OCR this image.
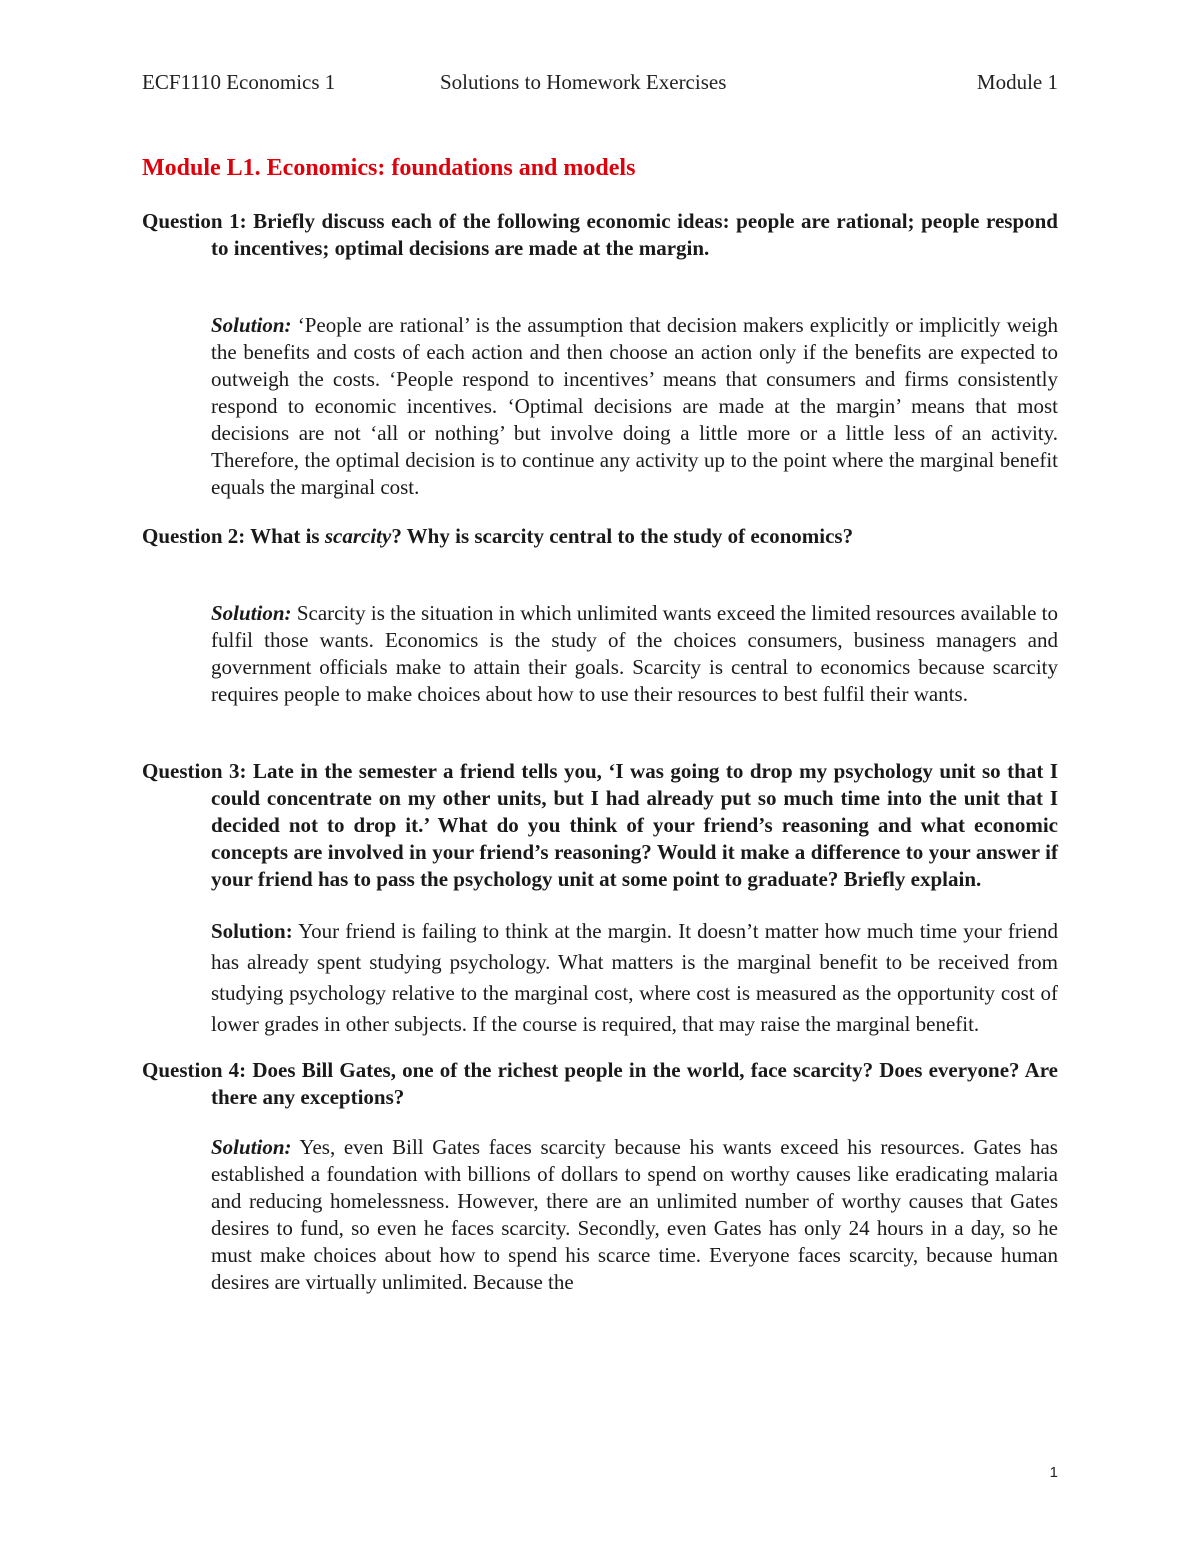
ECF1110 Economics 1	Solutions to Homework Exercises	Module 1
Module L1. Economics: foundations and models

Question 1: Briefly discuss each of the following economic ideas: people are rational; people respond to incentives; optimal decisions are made at the margin.

Solution: ‘People are rational’ is the assumption that decision makers explicitly or implicitly weigh the benefits and costs of each action and then choose an action only if the benefits are expected to outweigh the costs. ‘People respond to incentives’ means that consumers and firms consistently respond to economic incentives. ‘Optimal decisions are made at the margin’ means that most decisions are not ‘all or nothing’ but involve doing a little more or a little less of an activity. Therefore, the optimal decision is to continue any activity up to the point where the marginal benefit equals the marginal cost.

Question 2: What is scarcity? Why is scarcity central to the study of economics?

Solution: Scarcity is the situation in which unlimited wants exceed the limited resources available to fulfil those wants. Economics is the study of the choices consumers, business managers and government officials make to attain their goals. Scarcity is central to economics because scarcity requires people to make choices about how to use their resources to best fulfil their wants.

Question 3: Late in the semester a friend tells you, ‘I was going to drop my psychology unit so that I could concentrate on my other units, but I had already put so much time into the unit that I decided not to drop it.’ What do you think of your friend’s reasoning and what economic concepts are involved in your friend’s reasoning? Would it make a difference to your answer if your friend has to pass the psychology unit at some point to graduate? Briefly explain.

Solution: Your friend is failing to think at the margin. It doesn’t matter how much time your friend has already spent studying psychology. What matters is the marginal benefit to be received from studying psychology relative to the marginal cost, where cost is measured as the opportunity cost of lower grades in other subjects. If the course is required, that may raise the marginal benefit.

Question 4: Does Bill Gates, one of the richest people in the world, face scarcity? Does everyone? Are there any exceptions?

Solution: Yes, even Bill Gates faces scarcity because his wants exceed his resources. Gates has established a foundation with billions of dollars to spend on worthy causes like eradicating malaria and reducing homelessness. However, there are an unlimited number of worthy causes that Gates desires to fund, so even he faces scarcity. Secondly, even Gates has only 24 hours in a day, so he must make choices about how to spend his scarce time. Everyone faces scarcity, because human desires are virtually unlimited. Because the

1
